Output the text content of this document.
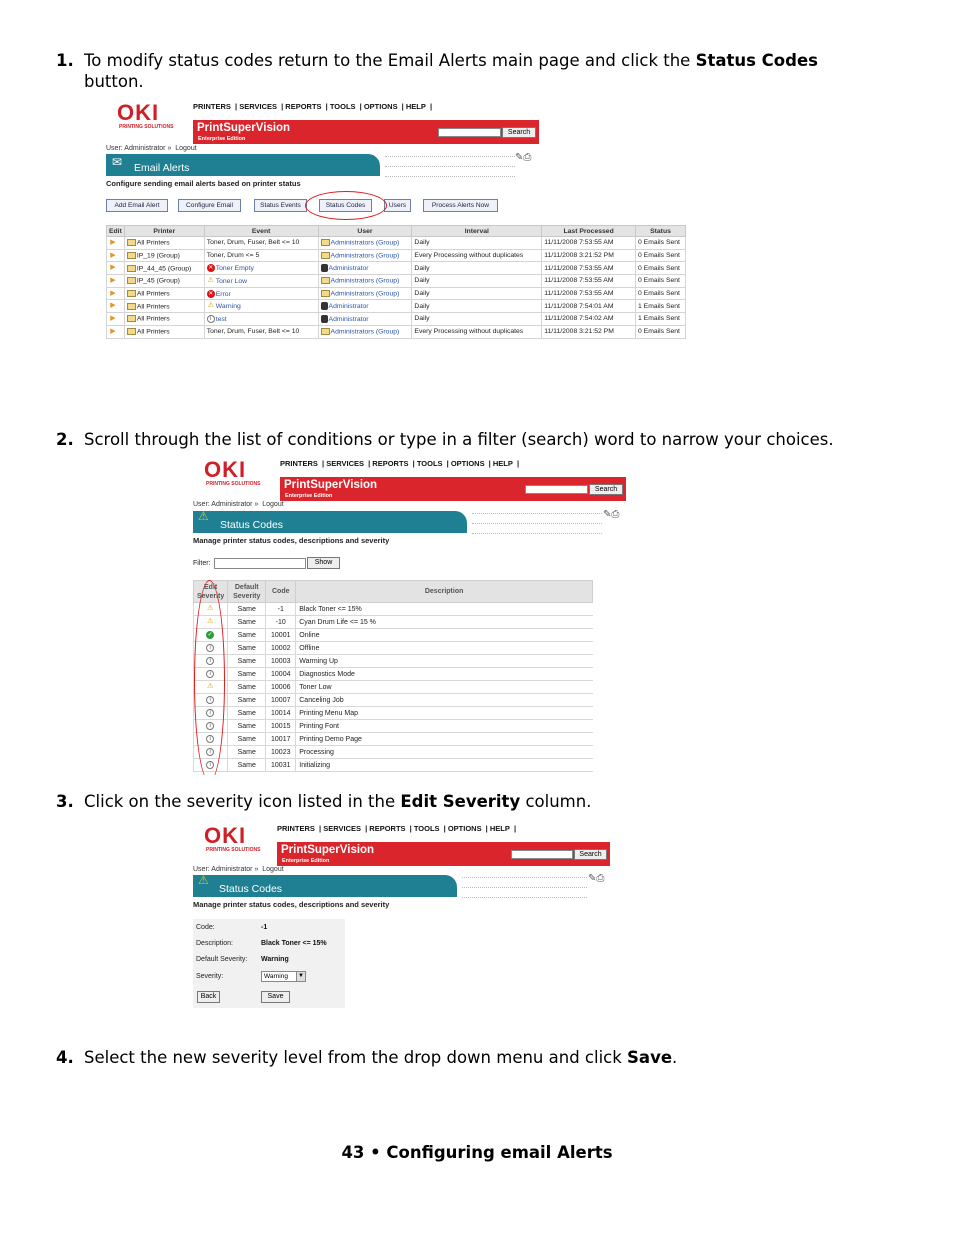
1. To modify status codes return to the Email Alerts main page and click the Status Codes
button.
OKI
PRINTING SOLUTIONS
PRINTERS | SERVICES | REPORTS | TOOLS | OPTIONS | HELP |
PrintSuperVision
Enterprise Edition
Search
User: Administrator » Logout
✉ Email Alerts
✎⎙
Configure sending email alerts based on printer status
Add Email Alert	Configure Email	Status Events	Status Codes	Users	Process Alerts Now
Edit	Printer	Event	User	Interval	Last Processed	Status
▶	All Printers	Toner, Drum, Fuser, Belt <= 10	Administrators (Group)	Daily	11/11/2008 7:53:55 AM	0 Emails Sent
▶	IP_19 (Group)	Toner, Drum <= 5	Administrators (Group)	Every Processing without duplicates	11/11/2008 3:21:52 PM	0 Emails Sent
▶	IP_44_45 (Group)	✕ Toner Empty	Administrator	Daily	11/11/2008 7:53:55 AM	0 Emails Sent
▶	IP_45 (Group)	⚠ Toner Low	Administrators (Group)	Daily	11/11/2008 7:53:55 AM	0 Emails Sent
▶	All Printers	✕ Error	Administrators (Group)	Daily	11/11/2008 7:53:55 AM	0 Emails Sent
▶	All Printers	⚠ Warning	Administrator	Daily	11/11/2008 7:54:01 AM	1 Emails Sent
▶	All Printers	i test	Administrator	Daily	11/11/2008 7:54:02 AM	1 Emails Sent
▶	All Printers	Toner, Drum, Fuser, Belt <= 10	Administrators (Group)	Every Processing without duplicates	11/11/2008 3:21:52 PM	0 Emails Sent
2. Scroll through the list of conditions or type in a filter (search) word to narrow your choices.
OKI
PRINTING SOLUTIONS
PRINTERS | SERVICES | REPORTS | TOOLS | OPTIONS | HELP |
PrintSuperVision
Enterprise Edition
Search
User: Administrator » Logout
⚠
Status Codes
✎⎙
Manage printer status codes, descriptions and severity
Filter:	Show
Edit Severity	Default Severity	Code	Description
⚠	Same	-1	Black Toner <= 15%
⚠	Same	-10	Cyan Drum Life <= 15 %
✓	Same	10001	Online
i	Same	10002	Offline
i	Same	10003	Warming Up
i	Same	10004	Diagnostics Mode
⚠	Same	10006	Toner Low
i	Same	10007	Canceling Job
i	Same	10014	Printing Menu Map
i	Same	10015	Printing Font
i	Same	10017	Printing Demo Page
i	Same	10023	Processing
i	Same	10031	Initializing
3. Click on the severity icon listed in the Edit Severity column.
OKI
PRINTING SOLUTIONS
PRINTERS | SERVICES | REPORTS | TOOLS | OPTIONS | HELP |
PrintSuperVision
Enterprise Edition
Search
User: Administrator » Logout
⚠
Status Codes
✎⎙
Manage printer status codes, descriptions and severity
Code:	-1
Description:	Black Toner <= 15%
Default Severity: Warning
Severity:	Warning	▼
Back	Save
4. Select the new severity level from the drop down menu and click Save.
43 • Configuring email Alerts
